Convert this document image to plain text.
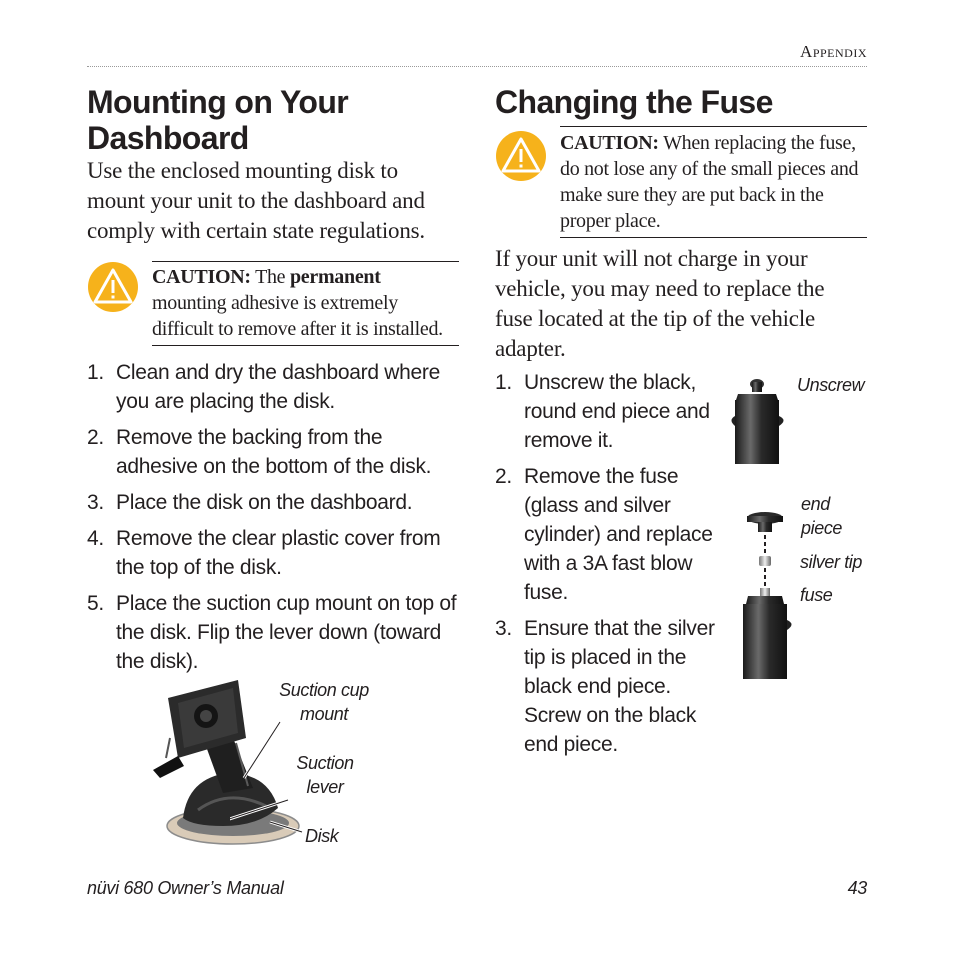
Appendix
Mounting on Your Dashboard
Use the enclosed mounting disk to mount your unit to the dashboard and comply with certain state regulations.
CAUTION: The permanent mounting adhesive is extremely difficult to remove after it is installed.
1. Clean and dry the dashboard where you are placing the disk.
2. Remove the backing from the adhesive on the bottom of the disk.
3. Place the disk on the dashboard.
4. Remove the clear plastic cover from the top of the disk.
5. Place the suction cup mount on top of the disk. Flip the lever down (toward the disk).
Suction cup mount
Suction lever
Disk
Changing the Fuse
CAUTION: When replacing the fuse, do not lose any of the small pieces and make sure they are put back in the proper place.
If your unit will not charge in your vehicle, you may need to replace the fuse located at the tip of the vehicle adapter.
1. Unscrew the black, round end piece and remove it.
2. Remove the fuse (glass and silver cylinder) and replace with a 3A fast blow fuse.
3. Ensure that the silver tip is placed in the black end piece. Screw on the black end piece.
Unscrew
end piece
silver tip
fuse
nüvi 680 Owner’s Manual	43
